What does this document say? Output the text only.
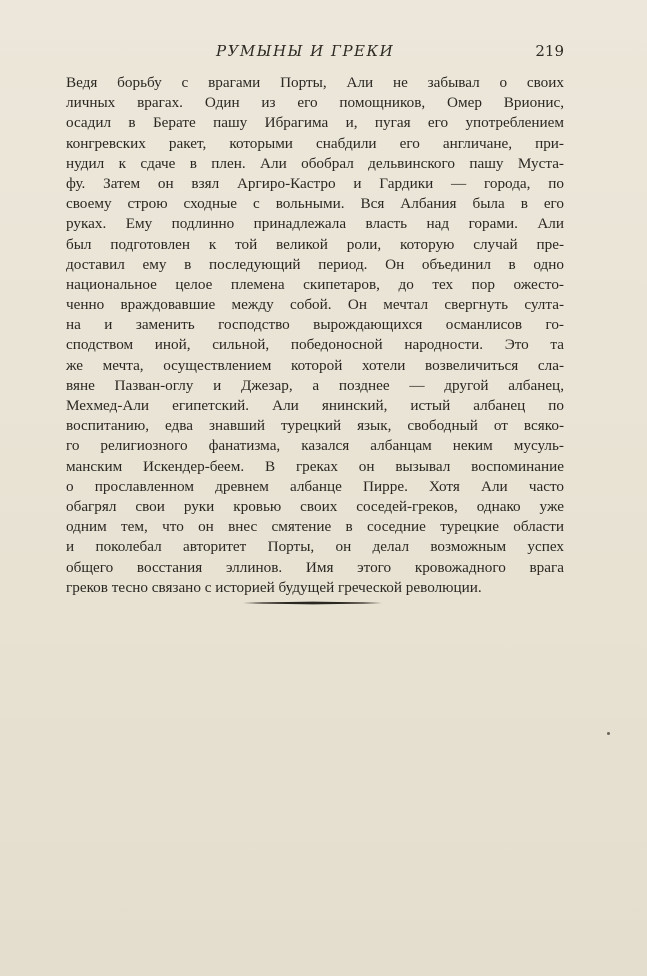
РУМЫНЫ И ГРЕКИ	219
Ведя борьбу с врагами Порты, Али не забывал о своих
личных врагах. Один из его помощников, Омер Врионис,
осадил в Берате пашу Ибрагима и, пугая его употреблением
конгревских ракет, которыми снабдили его англичане, при-
нудил к сдаче в плен. Али обобрал дельвинского пашу Муста-
фу. Затем он взял Аргиро-Кастро и Гардики — города, по
своему строю сходные с вольными. Вся Албания была в его
руках. Ему подлинно принадлежала власть над горами. Али
был подготовлен к той великой роли, которую случай пре-
доставил ему в последующий период. Он объединил в одно
национальное целое племена скипетаров, до тех пор ожесто-
ченно враждовавшие между собой. Он мечтал свергнуть султа-
на и заменить господство вырождающихся османлисов го-
сподством иной, сильной, победоносной народности. Это та
же мечта, осуществлением которой хотели возвеличиться сла-
вяне Пазван-оглу и Джезар, а позднее — другой албанец,
Мехмед-Али египетский. Али янинский, истый албанец по
воспитанию, едва знавший турецкий язык, свободный от всяко-
го религиозного фанатизма, казался албанцам неким мусуль-
манским Искендер-беем. В греках он вызывал воспоминание
о прославленном древнем албанце Пирре. Хотя Али часто
обагрял свои руки кровью своих соседей-греков, однако уже
одним тем, что он внес смятение в соседние турецкие области
и поколебал авторитет Порты, он делал возможным успех
общего восстания эллинов. Имя этого кровожадного врага
греков тесно связано с историей будущей греческой революции.
